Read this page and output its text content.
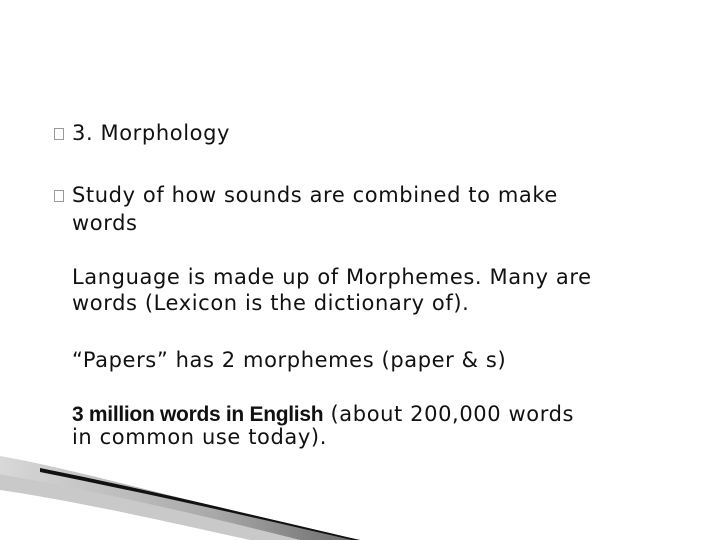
3. Morphology
Study of how sounds are combined to make
words
Language is made up of Morphemes. Many are
words (Lexicon is the dictionary of).
“Papers” has 2 morphemes (paper & s)
3 million words in English (about 200,000 words
in common use today).
